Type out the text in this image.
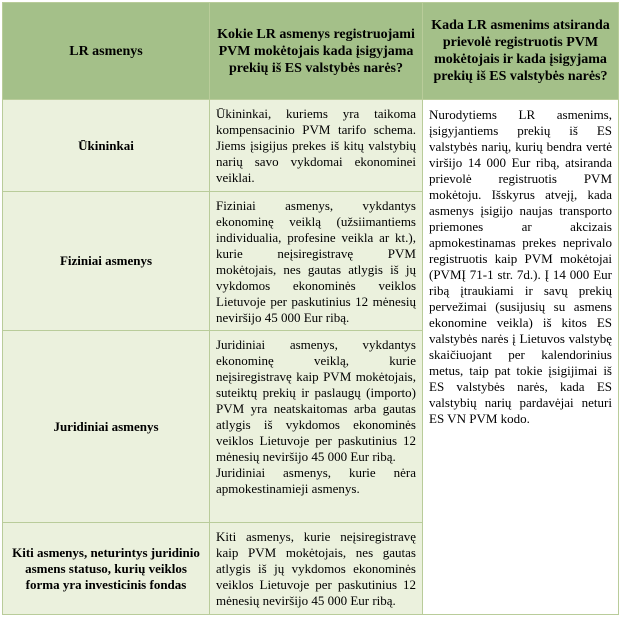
LR asmenys	Kokie LR asmenys registruojami PVM mokėtojais kada įsigyjama prekių iš ES valstybės narės?	Kada LR asmenims atsiranda prievolė registruotis PVM mokėtojais ir kada įsigyjama prekių iš ES valstybės narės?
Ūkininkai	Ūkininkai, kuriems yra taikoma kompensacinio PVM tarifo schema. Jiems įsigijus prekes iš kitų valstybių narių savo vykdomai ekonominei veiklai.	Nurodytiems LR asmenims, įsigyjantiems prekių iš ES valstybės narių, kurių bendra vertė viršijo 14 000 Eur ribą, atsiranda prievolė registruotis PVM mokėtoju. Išskyrus atvejį, kada asmenys įsigijo naujas transporto priemones ar akcizais apmokestinamas prekes neprivalo registruotis kaip PVM mokėtojai (PVMĮ 71-1 str. 7d.). Į 14 000 Eur ribą įtraukiami ir savų prekių pervežimai (susijusių su asmens ekonomine veikla) iš kitos ES valstybės narės į Lietuvos valstybę skaičiuojant per kalendorinius metus, taip pat tokie įsigijimai iš ES valstybės narės, kada ES valstybių narių pardavėjai neturi ES VN PVM kodo.

Fiziniai asmenys	Fiziniai asmenys, vykdantys ekonominę veiklą (užsiimantiems individualia, profesine veikla ar kt.), kurie neįsiregistravę PVM mokėtojais, nes gautas atlygis iš jų vykdomos ekonominės veiklos Lietuvoje per paskutinius 12 mėnesių neviršijo 45 000 Eur ribą.	

Juridiniai asmenys	Juridiniai asmenys, vykdantys ekonominę veiklą, kurie neįsiregistravę kaip PVM mokėtojais, suteiktų prekių ir paslaugų (importo) PVM yra neatskaitomas arba gautas atlygis iš vykdomos ekonominės veiklos Lietuvoje per paskutinius 12 mėnesių neviršijo 45 000 Eur ribą.

Juridiniai asmenys, kurie nėra apmokestinamieji asmenys.	

Kiti asmenys, neturintys juridinio asmens statuso, kurių veiklos forma yra investicinis fondas	Kiti asmenys, kurie neįsiregistravę kaip PVM mokėtojais, nes gautas atlygis iš jų vykdomos ekonominės veiklos Lietuvoje per paskutinius 12 mėnesių neviršijo 45 000 Eur ribą.	
